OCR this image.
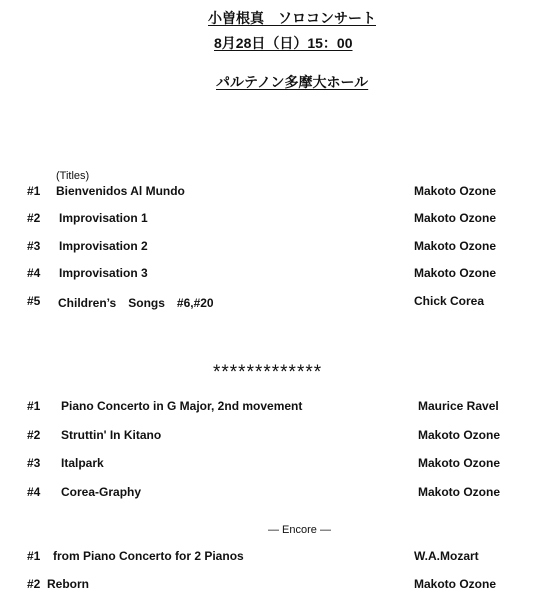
小曽根真　ソロコンサート
8月28日（日）15：00
パルテノン多摩大ホール
(Titles)
#1 Bienvenidos Al Mundo	Makoto Ozone
#2 Improvisation 1	Makoto Ozone
#3 Improvisation 2	Makoto Ozone
#4 Improvisation 3	Makoto Ozone
#5 Children’s　Songs　#6,#20	Chick Corea
*************
#1 Piano Concerto in G Major, 2nd movement	Maurice Ravel
#2 Struttin' In Kitano	Makoto Ozone
#3 Italpark	Makoto Ozone
#4 Corea-Graphy	Makoto Ozone
― Encore ―
#1 from Piano Concerto for 2 Pianos	W.A.Mozart
#2 Reborn	Makoto Ozone
